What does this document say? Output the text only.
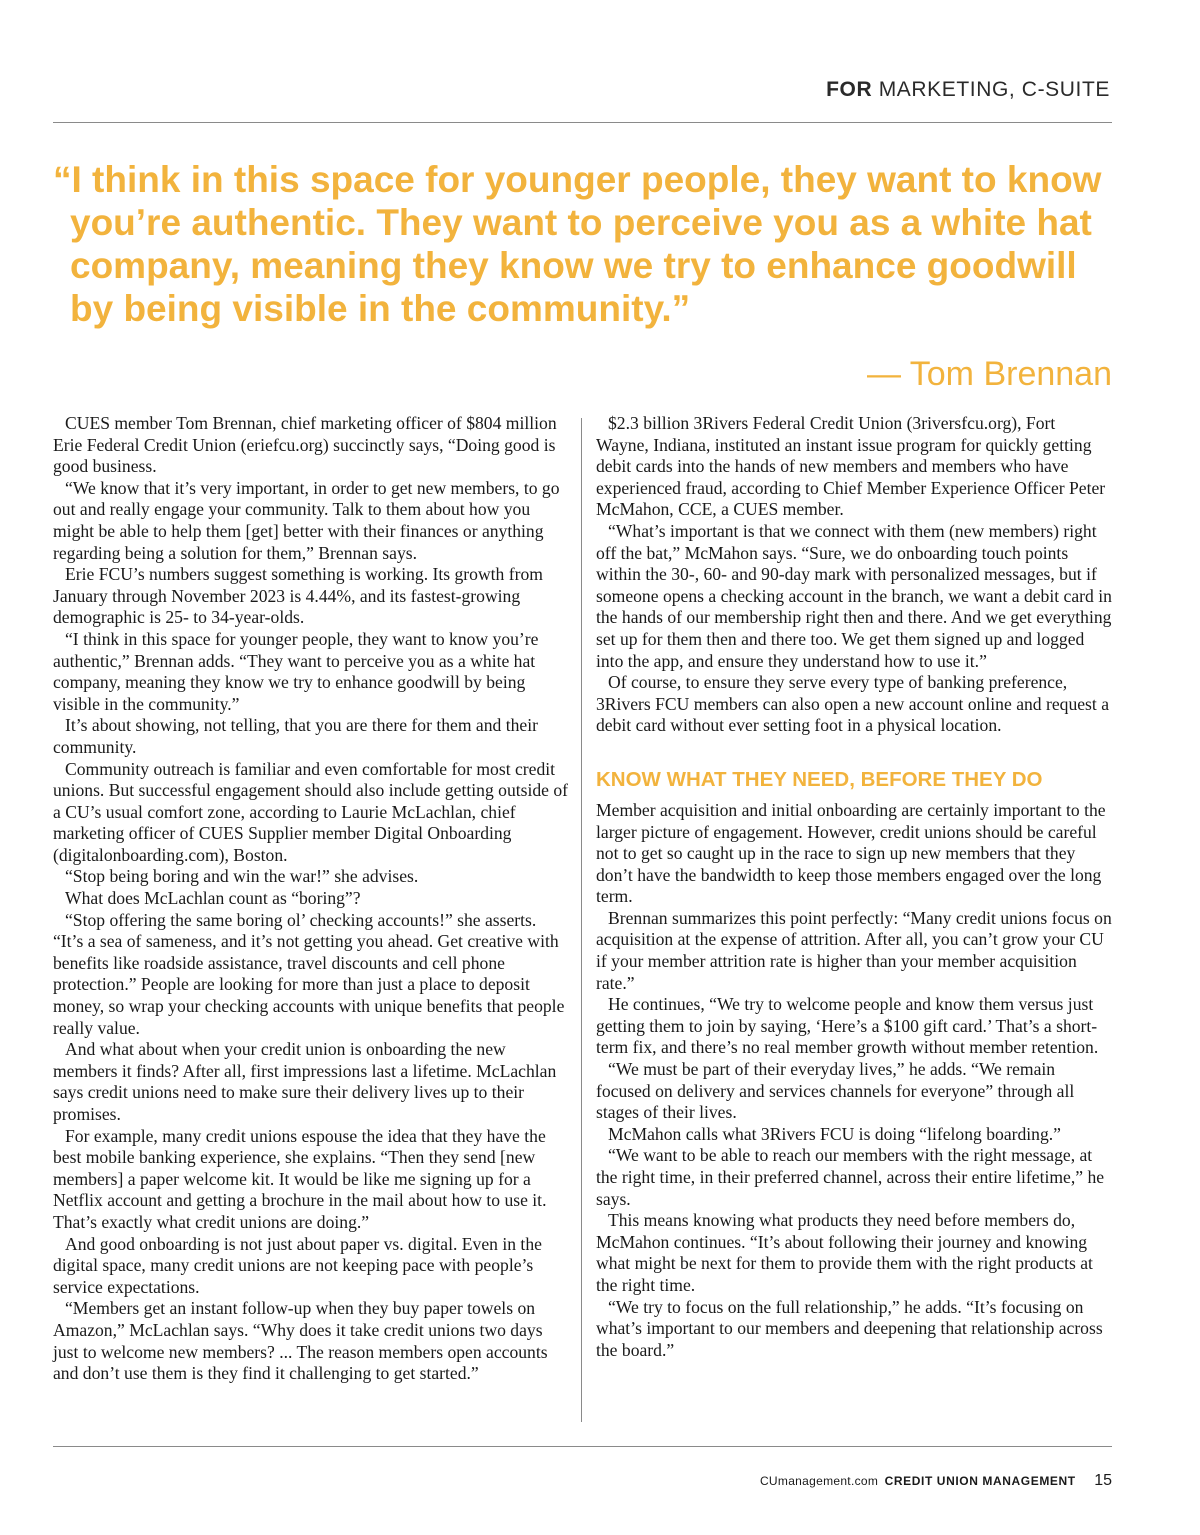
FOR MARKETING, C-SUITE
“I think in this space for younger people, they want to know
you’re authentic. They want to perceive you as a white hat
company, meaning they know we try to enhance goodwill
by being visible in the community.”
— Tom Brennan

CUES member Tom Brennan, chief marketing officer of $804 million Erie Federal Credit Union (eriefcu.org) succinctly says, “Doing good is good business.

“We know that it’s very important, in order to get new members, to go out and really engage your community. Talk to them about how you might be able to help them [get] better with their finances or anything regarding being a solution for them,” Brennan says.

Erie FCU’s numbers suggest something is working. Its growth from January through November 2023 is 4.44%, and its fastest-growing demographic is 25- to 34-year-olds.

“I think in this space for younger people, they want to know you’re authentic,” Brennan adds. “They want to perceive you as a white hat company, meaning they know we try to enhance goodwill by being visible in the community.”

It’s about showing, not telling, that you are there for them and their community.

Community outreach is familiar and even comfortable for most credit unions. But successful engagement should also include getting outside of a CU’s usual comfort zone, according to Laurie McLachlan, chief marketing officer of CUES Supplier member Digital Onboarding (digitalonboarding.com), Boston.

“Stop being boring and win the war!” she advises.

What does McLachlan count as “boring”?

“Stop offering the same boring ol’ checking accounts!” she asserts. “It’s a sea of sameness, and it’s not getting you ahead. Get creative with benefits like roadside assistance, travel discounts and cell phone protection.” People are looking for more than just a place to deposit money, so wrap your checking accounts with unique benefits that people really value.

And what about when your credit union is onboarding the new members it finds? After all, first impressions last a lifetime. McLachlan says credit unions need to make sure their delivery lives up to their promises.

For example, many credit unions espouse the idea that they have the best mobile banking experience, she explains. “Then they send [new members] a paper welcome kit. It would be like me signing up for a Netflix account and getting a brochure in the mail about how to use it. That’s exactly what credit unions are doing.”

And good onboarding is not just about paper vs. digital. Even in the digital space, many credit unions are not keeping pace with people’s service expectations.

“Members get an instant follow-up when they buy paper towels on Amazon,” McLachlan says. “Why does it take credit unions two days just to welcome new members? ... The reason members open accounts and don’t use them is they find it challenging to get started.”

$2.3 billion 3Rivers Federal Credit Union (3riversfcu.org), Fort Wayne, Indiana, instituted an instant issue program for quickly getting debit cards into the hands of new members and members who have experienced fraud, according to Chief Member Experience Officer Peter McMahon, CCE, a CUES member.

“What’s important is that we connect with them (new members) right off the bat,” McMahon says. “Sure, we do onboarding touch points within the 30-, 60- and 90-day mark with personalized messages, but if someone opens a checking account in the branch, we want a debit card in the hands of our membership right then and there. And we get everything set up for them then and there too. We get them signed up and logged into the app, and ensure they understand how to use it.”

Of course, to ensure they serve every type of banking preference, 3Rivers FCU members can also open a new account online and request a debit card without ever setting foot in a physical location.

KNOW WHAT THEY NEED, BEFORE THEY DO

Member acquisition and initial onboarding are certainly important to the larger picture of engagement. However, credit unions should be careful not to get so caught up in the race to sign up new members that they don’t have the bandwidth to keep those members engaged over the long term.

Brennan summarizes this point perfectly: “Many credit unions focus on acquisition at the expense of attrition. After all, you can’t grow your CU if your member attrition rate is higher than your member acquisition rate.”

He continues, “We try to welcome people and know them versus just getting them to join by saying, ‘Here’s a $100 gift card.’ That’s a short-term fix, and there’s no real member growth without member retention.

“We must be part of their everyday lives,” he adds. “We remain focused on delivery and services channels for everyone” through all stages of their lives.

McMahon calls what 3Rivers FCU is doing “lifelong boarding.”

“We want to be able to reach our members with the right message, at the right time, in their preferred channel, across their entire lifetime,” he says.

This means knowing what products they need before members do, McMahon continues. “It’s about following their journey and knowing what might be next for them to provide them with the right products at the right time.

“We try to focus on the full relationship,” he adds. “It’s focusing on what’s important to our members and deepening that relationship across the board.”

CUmanagement.com CREDIT UNION MANAGEMENT 15
